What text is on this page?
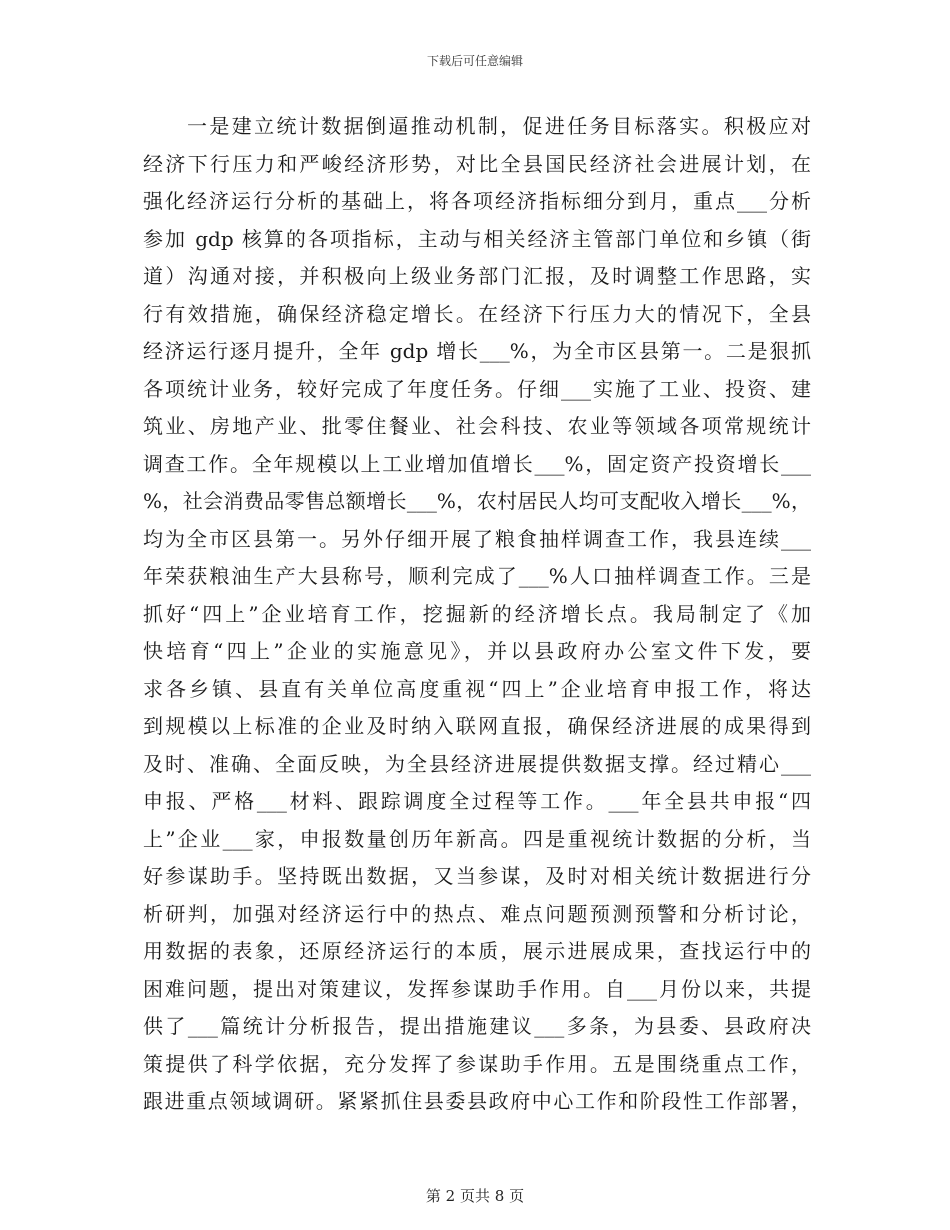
下载后可任意编辑
一是建立统计数据倒逼推动机制，促进任务目标落实。积极应对
经济下行压力和严峻经济形势，对比全县国民经济社会进展计划，在
强化经济运行分析的基础上，将各项经济指标细分到月，重点___分析
参加 gdp 核算的各项指标，主动与相关经济主管部门单位和乡镇（街
道）沟通对接，并积极向上级业务部门汇报，及时调整工作思路，实
行有效措施，确保经济稳定增长。在经济下行压力大的情况下，全县
经济运行逐月提升，全年 gdp 增长___%，为全市区县第一。二是狠抓
各项统计业务，较好完成了年度任务。仔细___实施了工业、投资、建
筑业、房地产业、批零住餐业、社会科技、农业等领域各项常规统计
调查工作。全年规模以上工业增加值增长___%，固定资产投资增长___
%，社会消费品零售总额增长___%，农村居民人均可支配收入增长___%，
均为全市区县第一。另外仔细开展了粮食抽样调查工作，我县连续___
年荣获粮油生产大县称号，顺利完成了___%人口抽样调查工作。三是
抓好“四上”企业培育工作，挖掘新的经济增长点。我局制定了《加
快培育“四上”企业的实施意见》，并以县政府办公室文件下发，要
求各乡镇、县直有关单位高度重视“四上”企业培育申报工作，将达
到规模以上标准的企业及时纳入联网直报，确保经济进展的成果得到
及时、准确、全面反映，为全县经济进展提供数据支撑。经过精心___
申报、严格___材料、跟踪调度全过程等工作。___年全县共申报“四
上”企业___家，申报数量创历年新高。四是重视统计数据的分析，当
好参谋助手。坚持既出数据，又当参谋，及时对相关统计数据进行分
析研判，加强对经济运行中的热点、难点问题预测预警和分析讨论，
用数据的表象，还原经济运行的本质，展示进展成果，查找运行中的
困难问题，提出对策建议，发挥参谋助手作用。自___月份以来，共提
供了___篇统计分析报告，提出措施建议___多条，为县委、县政府决
策提供了科学依据，充分发挥了参谋助手作用。五是围绕重点工作，
跟进重点领域调研。紧紧抓住县委县政府中心工作和阶段性工作部署，
第 2 页共 8 页
